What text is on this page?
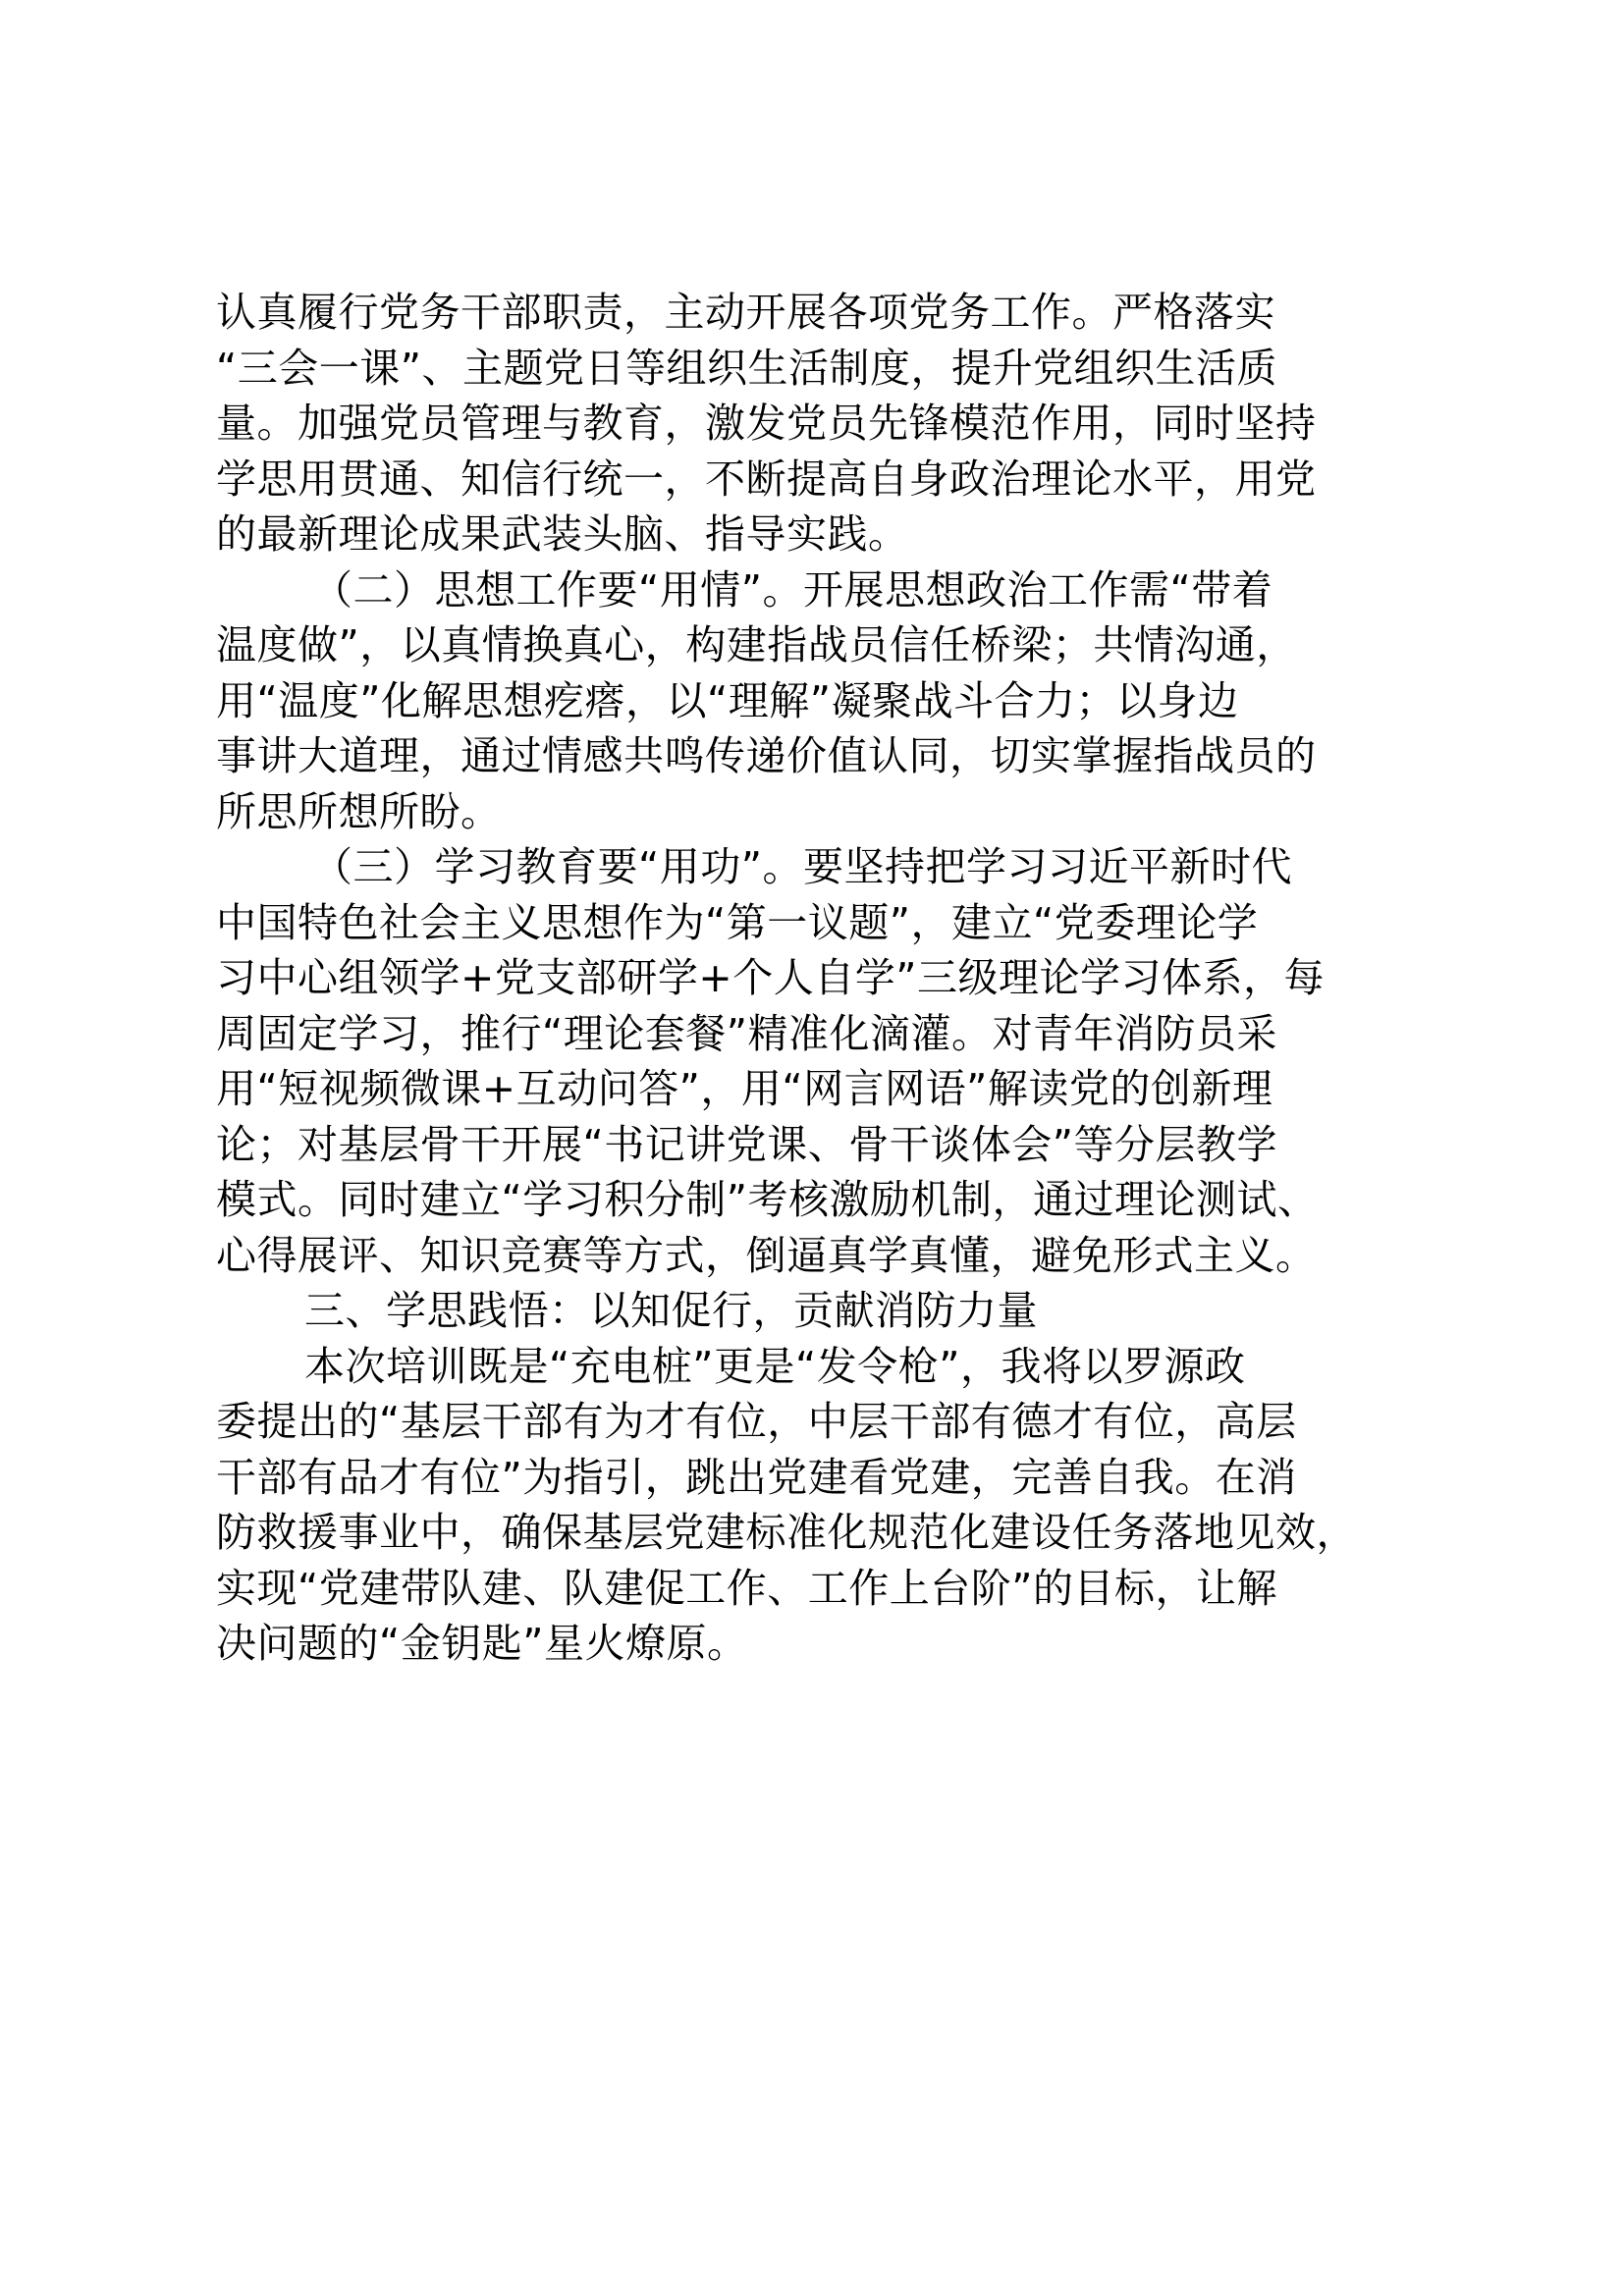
认真履行党务干部职责，主动开展各项党务工作。严格落实
“三会一课”、主题党日等组织生活制度，提升党组织生活质
量。加强党员管理与教育，激发党员先锋模范作用，同时坚持
学思用贯通、知信行统一，不断提高自身政治理论水平，用党
的最新理论成果武装头脑、指导实践。
（二）思想工作要“用情”。开展思想政治工作需“带着
温度做”，以真情换真心，构建指战员信任桥梁；共情沟通，
用“温度”化解思想疙瘩，以“理解”凝聚战斗合力；以身边
事讲大道理，通过情感共鸣传递价值认同，切实掌握指战员的
所思所想所盼。
（三）学习教育要“用功”。要坚持把学习习近平新时代
中国特色社会主义思想作为“第一议题”，建立“党委理论学
习中心组领学+党支部研学+个人自学”三级理论学习体系，每
周固定学习，推行“理论套餐”精准化滴灌。对青年消防员采
用“短视频微课+互动问答”，用“网言网语”解读党的创新理
论；对基层骨干开展“书记讲党课、骨干谈体会”等分层教学
模式。同时建立“学习积分制”考核激励机制，通过理论测试、
心得展评、知识竞赛等方式，倒逼真学真懂，避免形式主义。
三、学思践悟：以知促行，贡献消防力量
本次培训既是“充电桩”更是“发令枪”，我将以罗源政
委提出的“基层干部有为才有位，中层干部有德才有位，高层
干部有品才有位”为指引，跳出党建看党建，完善自我。在消
防救援事业中，确保基层党建标准化规范化建设任务落地见效，
实现“党建带队建、队建促工作、工作上台阶”的目标，让解
决问题的“金钥匙”星火燎原。
